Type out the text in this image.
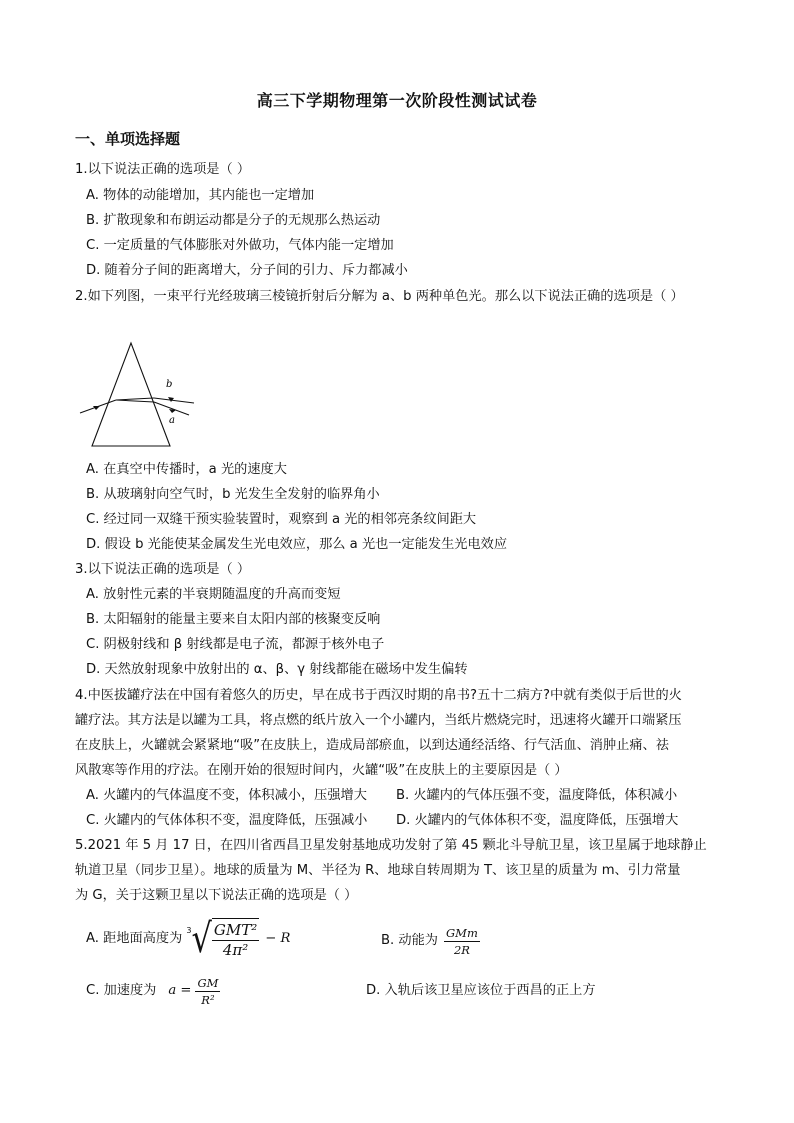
高三下学期物理第一次阶段性测试试卷
一、单项选择题
1.以下说法正确的选项是（ ）
A. 物体的动能增加，其内能也一定增加
B. 扩散现象和布朗运动都是分子的无规那么热运动
C. 一定质量的气体膨胀对外做功，气体内能一定增加
D. 随着分子间的距离增大，分子间的引力、斥力都减小
2.如下列图，一束平行光经玻璃三棱镜折射后分解为 a、b 两种单色光。那么以下说法正确的选项是（ ）
b
a
A. 在真空中传播时，a 光的速度大
B. 从玻璃射向空气时，b 光发生全发射的临界角小
C. 经过同一双缝干预实验装置时，观察到 a 光的相邻亮条纹间距大
D. 假设 b 光能使某金属发生光电效应，那么 a 光也一定能发生光电效应
3.以下说法正确的选项是（ ）
A. 放射性元素的半衰期随温度的升高而变短
B. 太阳辐射的能量主要来自太阳内部的核聚变反响
C. 阴极射线和 β 射线都是电子流，都源于核外电子
D. 天然放射现象中放射出的 α、β、γ 射线都能在磁场中发生偏转
4.中医拔罐疗法在中国有着悠久的历史，早在成书于西汉时期的帛书?五十二病方?中就有类似于后世的火
罐疗法。其方法是以罐为工具，将点燃的纸片放入一个小罐内，当纸片燃烧完时，迅速将火罐开口端紧压
在皮肤上，火罐就会紧紧地“吸”在皮肤上，造成局部瘀血，以到达通经活络、行气活血、消肿止痛、祛
风散寒等作用的疗法。在刚开始的很短时间内，火罐“吸”在皮肤上的主要原因是（ ）
A. 火罐内的气体温度不变，体积减小，压强增大 B. 火罐内的气体压强不变，温度降低，体积减小
C. 火罐内的气体体积不变，温度降低，压强减小 D. 火罐内的气体体积不变，温度降低，压强增大
5.2021 年 5 月 17 日，在四川省西昌卫星发射基地成功发射了第 45 颗北斗导航卫星，该卫星属于地球静止
轨道卫星（同步卫星）。地球的质量为 M、半径为 R、地球自转周期为 T、该卫星的质量为 m、引力常量
为 G，关于这颗卫星以下说法正确的选项是（ ）
A. 距地面高度为
3 √ $\frac{\text{GMT²}}{\text{4π²}} - R$	B. 动能为 $\frac{\text{GMm}}{2R}$
C. 加速度为 $a = \frac{GM}{\text{R²}}$	D. 入轨后该卫星应该位于西昌的正上方
